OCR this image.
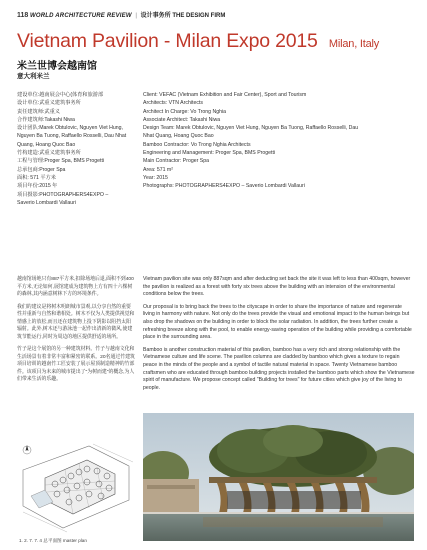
118 WORLD ARCHITECTURE REVIEW | 设计事务所 THE DESIGN FIRM
Vietnam Pavilion - Milan Expo 2015 Milan, Italy
米兰世博会越南馆
意大利米兰

建设单位:越南展会中心(体育和旅游部

设计单位:武重义建筑事务所

责任建筑师:武重义

合作建筑师:Takashi Niwa

设计团队:Marek Obtulovic, Nguyen Viet Hung,

Nguyen Ba Tuong, Raffaello Rosselli, Dau Nhat

Quang, Hoang Quoc Bao

竹构建造:武重义建筑事务所

工程与管理:Proger Spa, BMS Progetti

总承包商:Proger Spa

面积: 571 平方米

项目年份:2015 年

项目摄影:PHOTOGRAPHERS4EXPO –

Saverio Lombardi Vallauri

Client: VEFAC (Vietnam Exhibition and Fair Center), Sport and Tourism

Architects: VTN Architects

Architect In Charge: Vo Trong Nghia

Associate Architect: Takashi Niwa

Design Team: Marek Obtulovic, Nguyen Viet Hung, Nguyen Ba Tuong, Raffaello Rosselli, Dau

Nhat Quang, Hoang Quoc Bao

Bamboo Contractor: Vo Trong Nghia Architects

Engineering and Management: Proger Spa, BMS Progetti

Main Contractor: Proger Spa

Area: 571 m²

Year: 2015

Photographs: PHOTOGRAPHERS4EXPO – Saverio Lombardi Vallauri

越南馆场地只有887平方米,扣除场地后退,面积不到400平方米,无论如何,展馆建成为建筑物上方有四十六棵树的森林,其内涵意树林下方的环境条件。

我们的建议是将树木明朗城市景观,以分享自然的重要性并重新与自然和谐相处。树木不仅为人类提供视觉和情感上的放松,而且还在建筑物上投下阴影以阻挡太阳辐射。此外,树木还与游泳池一起作出清新的微风,使建筑节能运行,同时为周边的地区提供舒适的场所。

竹子是这个展馆的另一种建筑材料。竹子与越南文化和生活场景有着非常丰富和紧密的联系。20名通过竹建筑项目培训的越南竹工匠安装了展示屋顶制造精神的竹部件。该项目为未来的城市提出了"为树而建"的概念,为人们带来生活的乐趣。

Vietnam pavilion site was only 887sqm and after deducting set back the site it was left to less than 400sqm, however the pavilion is realized as a forest with forty six trees above the building with an intension of the environmental conditions below the trees.

Our proposal is to bring back the trees to the cityscape in order to share the importance of nature and regenerate living in harmony with nature. Not only do the trees provide the visual and emotional impact to the human beings but also drop the shadows on the building in order to block the solar radiation. In addition, the trees further create a refreshing breeze along with the pool, to enable energy-saving operation of the building while providing a comfortable place in the surrounding area.

Bamboo is another construction material of this pavilion, bamboo has a very rich and strong relationship with the Vietnamese culture and life scene. The pavilion columns are cladded by bamboo which gives a texture to regain peace in the minds of the people and a symbol of tactile natural material in space. Twenty Vietnamese bamboo craftsmen who are educated through bamboo building projects installed the bamboo parts which show the Vietnamese spirit of manufacture. We propose concept called "Building for trees" for future cities which give joy of the living to people.

1. 2. 7. 7. 4 总平面图 master plan
